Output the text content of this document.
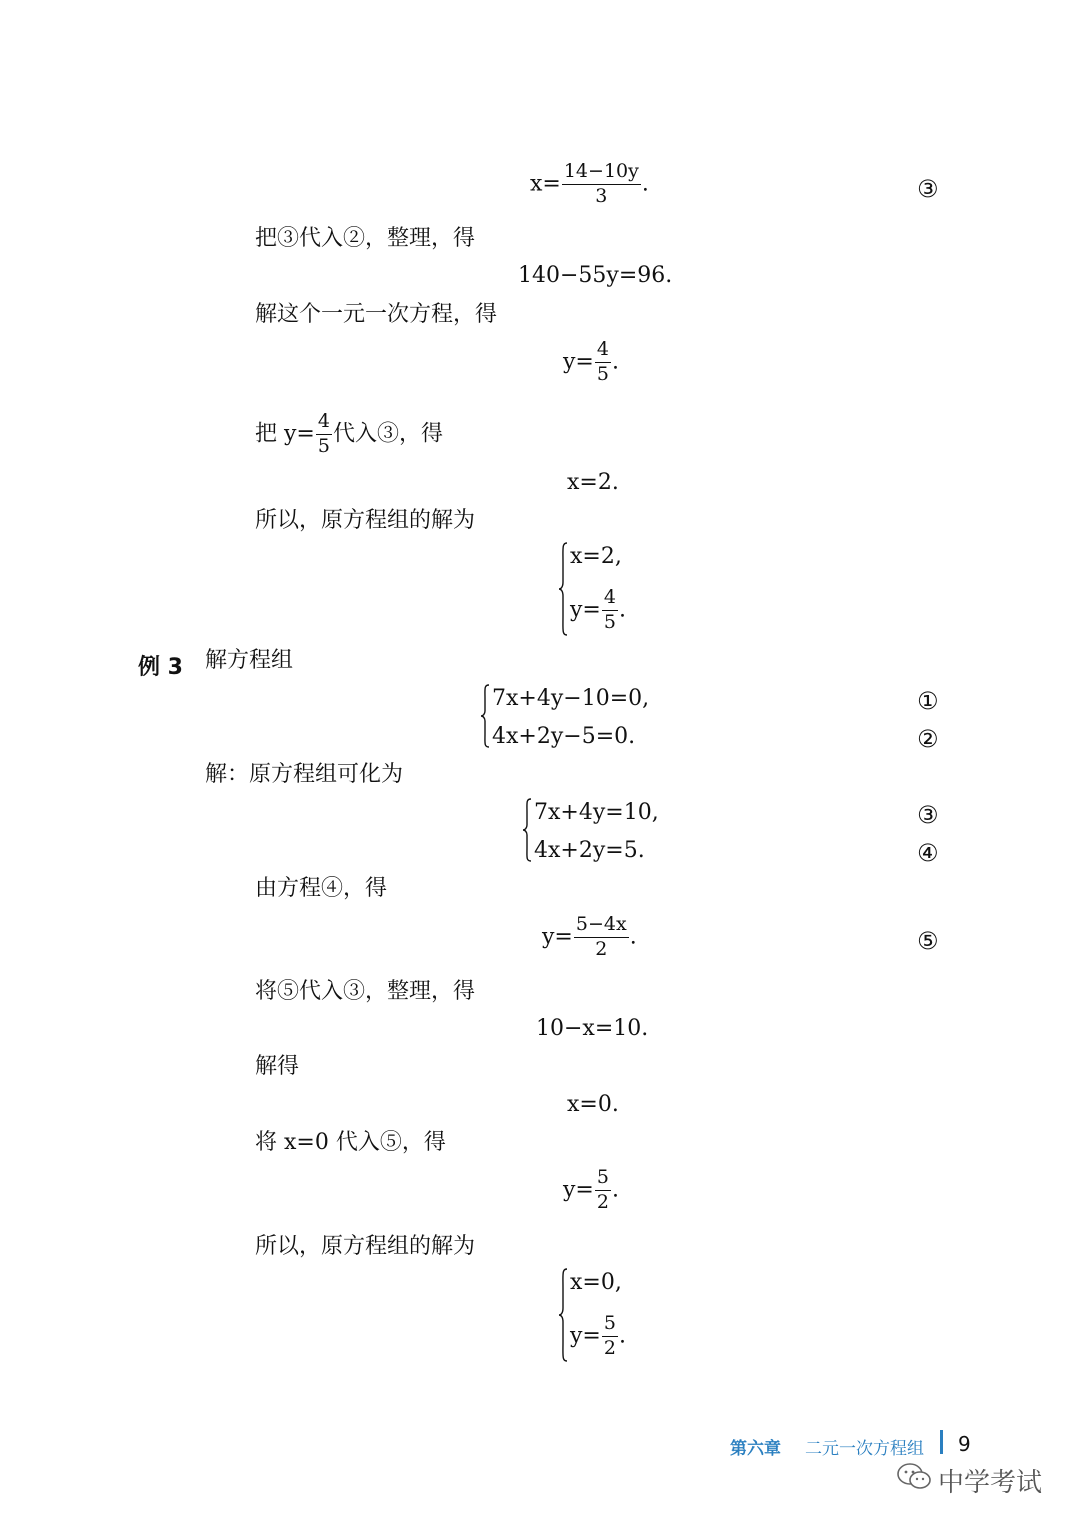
$x= \frac{14-10y}{3}$ .	③
把③代入②，整理，得
140−55y=96.
解这个一元一次方程，得
$y= \frac{4}{5}$ .
把 $y= \frac{4}{5}$ 代入③，得
x=2.
所以，原方程组的解为
x=2,
$y= \frac{4}{5}$ .
例 3 解方程组
7x+4y−10=0,
4x+2y−5=0.
①
②
解：原方程组可化为
7x+4y=10,
4x+2y=5.
③
④
由方程④，得
$y= \frac{5-4x}{2}$ .	⑤
将⑤代入③，整理，得
10−x=10.
解得
x=0.
将 x=0 代入⑤，得
$y= \frac{5}{2}$ .
所以，原方程组的解为
x=0,
$y= \frac{5}{2}$ .
第六章 二元一次方程组 9
中学考试
